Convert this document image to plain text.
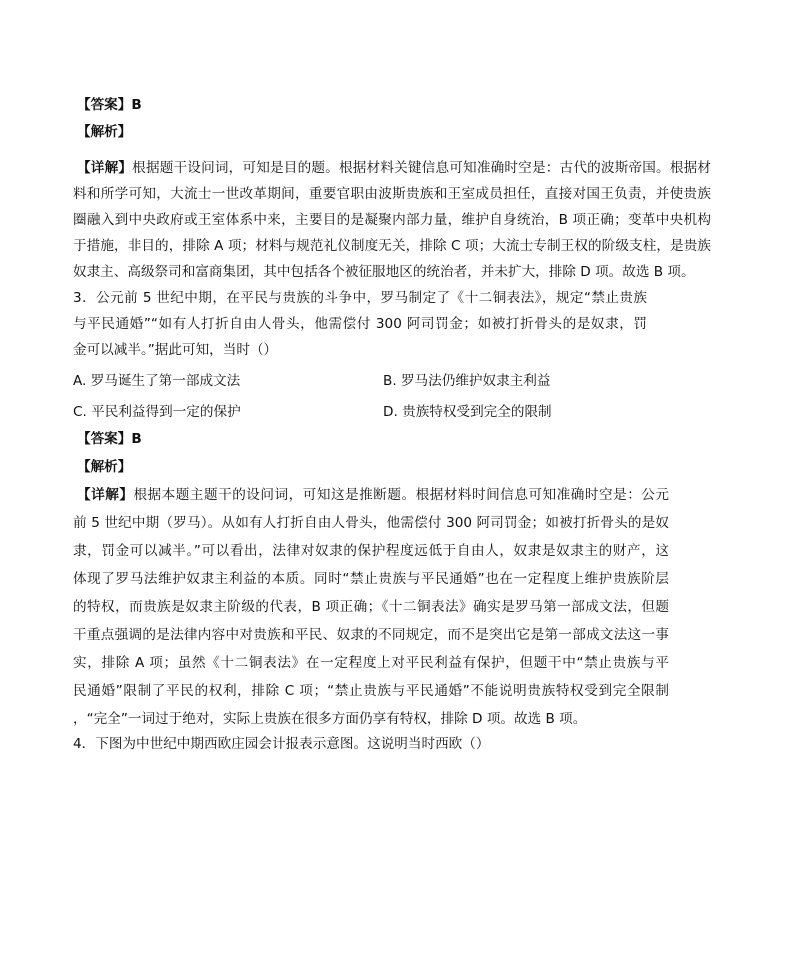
【答案】B
【解析】
【详解】根据题干设问词，可知是目的题。根据材料关键信息可知准确时空是：古代的波斯帝国。根据材
料和所学可知，大流士一世改革期间，重要官职由波斯贵族和王室成员担任，直接对国王负责，并使贵族
圈融入到中央政府或王室体系中来，主要目的是凝聚内部力量，维护自身统治，B 项正确；变革中央机构
于措施，非目的，排除 A 项；材料与规范礼仪制度无关，排除 C 项；大流士专制王权的阶级支柱，是贵族
奴隶主、高级祭司和富商集团，其中包括各个被征服地区的统治者，并未扩大，排除 D 项。故选 B 项。
3．公元前 5 世纪中期，在平民与贵族的斗争中，罗马制定了《十二铜表法》，规定“禁止贵族
与平民通婚”“如有人打折自由人骨头，他需偿付 300 阿司罚金；如被打折骨头的是奴隶，罚
金可以减半。”据此可知，当时（）
A. 罗马诞生了第一部成文法	B. 罗马法仍维护奴隶主利益
C. 平民利益得到一定的保护	D. 贵族特权受到完全的限制
【答案】B
【解析】
【详解】根据本题主题干的设问词，可知这是推断题。根据材料时间信息可知准确时空是：公元
前 5 世纪中期（罗马）。从如有人打折自由人骨头，他需偿付 300 阿司罚金；如被打折骨头的是奴
隶，罚金可以减半。”可以看出，法律对奴隶的保护程度远低于自由人，奴隶是奴隶主的财产，这
体现了罗马法维护奴隶主利益的本质。同时“禁止贵族与平民通婚”也在一定程度上维护贵族阶层
的特权，而贵族是奴隶主阶级的代表，B 项正确；《十二铜表法》确实是罗马第一部成文法，但题
干重点强调的是法律内容中对贵族和平民、奴隶的不同规定，而不是突出它是第一部成文法这一事
实，排除 A 项；虽然《十二铜表法》在一定程度上对平民利益有保护，但题干中“禁止贵族与平
民通婚”限制了平民的权利，排除 C 项；“禁止贵族与平民通婚”不能说明贵族特权受到完全限制
，“完全”一词过于绝对，实际上贵族在很多方面仍享有特权，排除 D 项。故选 B 项。
4．下图为中世纪中期西欧庄园会计报表示意图。这说明当时西欧（）
